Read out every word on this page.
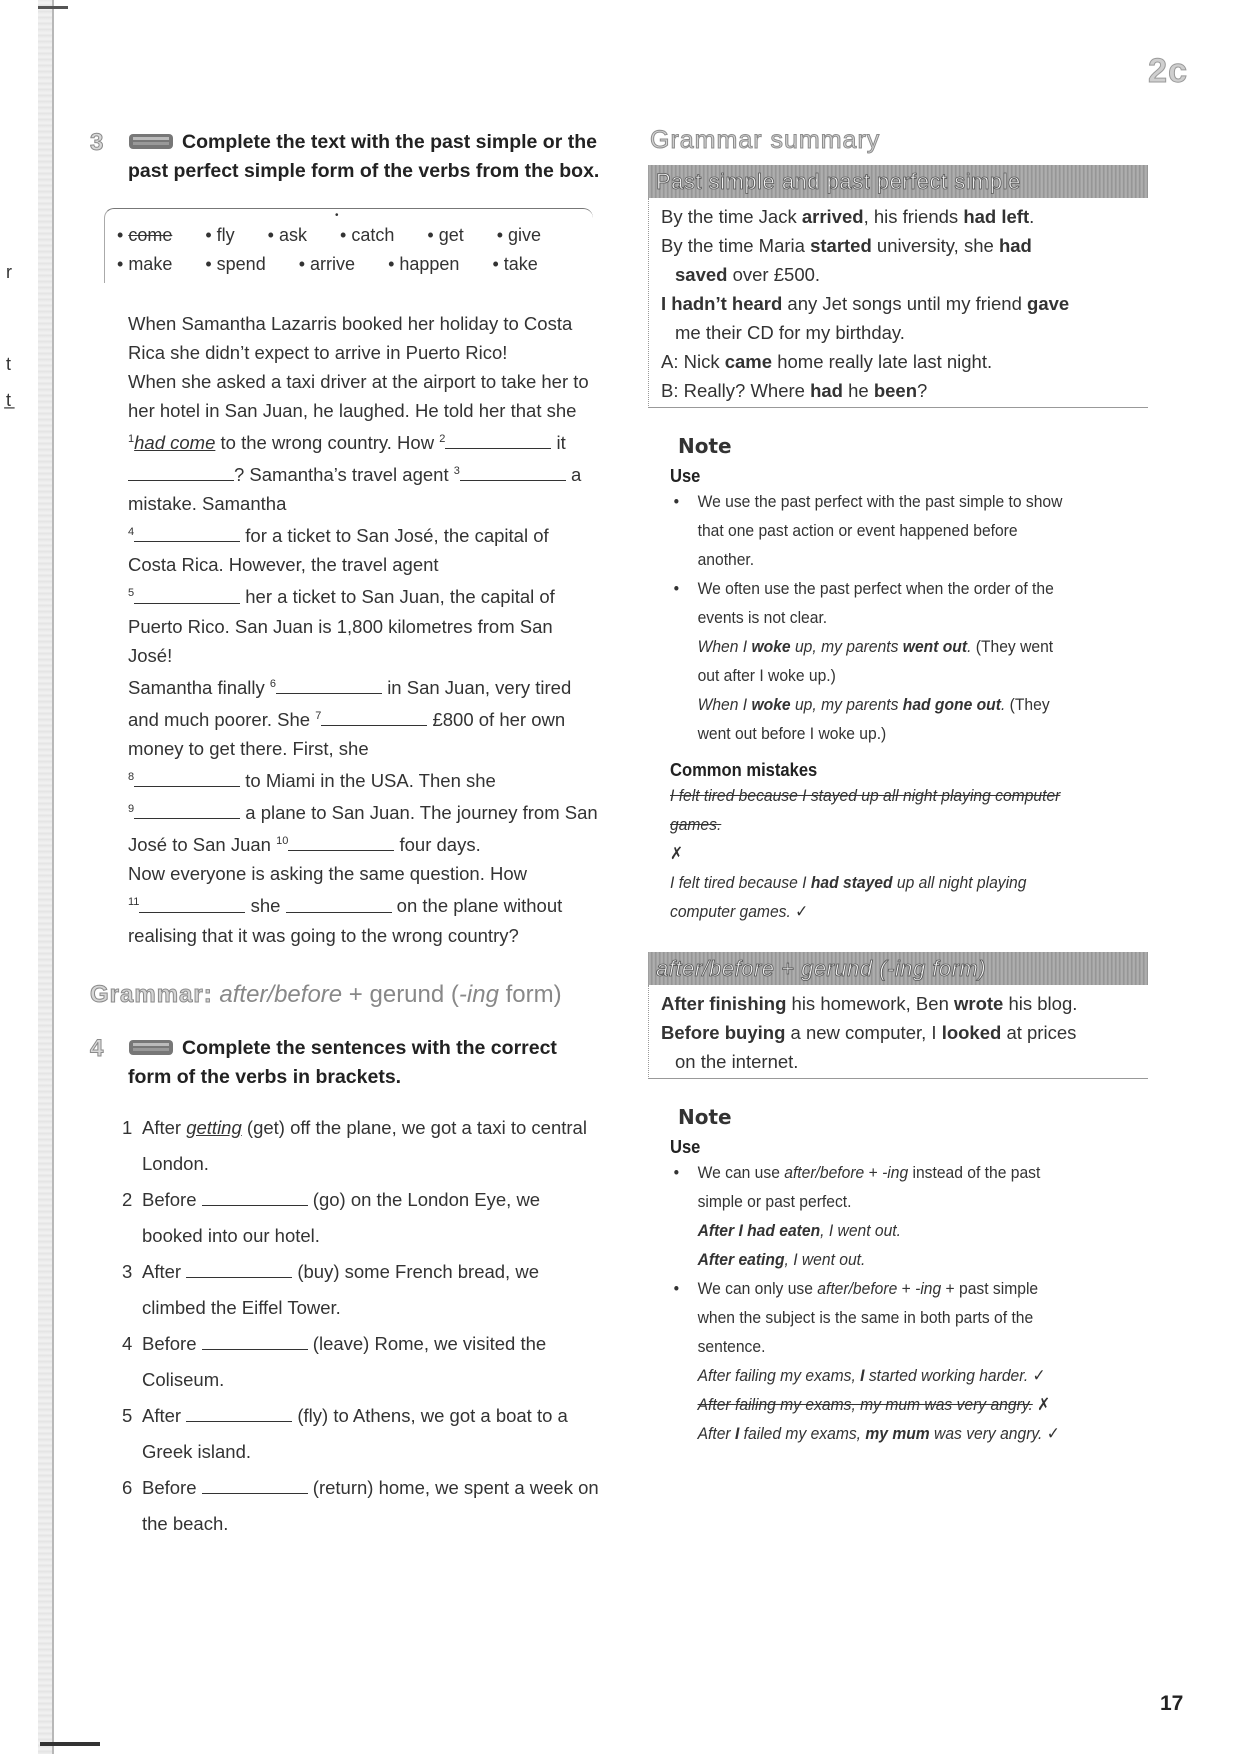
r
t
t̲
2c
17
3	Complete the text with the past simple or the past perfect simple form of the verbs from the box.
•
• come • fly • ask • catch • get • give
• make • spend • arrive • happen • take

When Samantha Lazarris booked her holiday to Costa Rica she didn’t expect to arrive in Puerto Rico!

When she asked a taxi driver at the airport to take her to her hotel in San Juan, he laughed. He told her that she $^1$had come to the wrong country. How $^2$	it ? Samantha’s travel agent $^3$	a mistake. Samantha
$^4$	for a ticket to San José, the capital of Costa Rica. However, the travel agent
$^5$	her a ticket to San Juan, the capital of Puerto Rico. San Juan is 1,800 kilometres from San José!
Samantha finally $^6$	in San Juan, very tired and much poorer. She $^7$	£800 of her own money to get there. First, she
$^8$	to Miami in the USA. Then she
$^9$	a plane to San Juan. The journey from San José to San Juan $^{10}$	four days.
Now everyone is asking the same question. How
$^{11}$	she	on the plane without realising that it was going to the wrong country?

Grammar: after/before + gerund (-ing form)
4	Complete the sentences with the correct form of the verbs in brackets.
1 After getting (get) off the plane, we got a taxi to central London.
2 Before	(go) on the London Eye, we booked into our hotel.
3 After	(buy) some French bread, we climbed the Eiffel Tower.
4 Before	(leave) Rome, we visited the Coliseum.
5 After	(fly) to Athens, we got a boat to a Greek island.
6 Before	(return) home, we spent a week on the beach.
Grammar summary
Past simple and past perfect simple
By the time Jack arrived, his friends had left.
By the time Maria started university, she had
saved over £500.
I hadn’t heard any Jet songs until my friend gave
me their CD for my birthday.
A: Nick came home really late last night.
B: Really? Where had he been?
Note
Use
• We use the past perfect with the past simple to show that one past action or event happened before another.
• We often use the past perfect when the order of the events is not clear.
When I woke up, my parents went out. (They went out after I woke up.)
When I woke up, my parents had gone out. (They went out before I woke up.)
Common mistakes
I felt tired because I stayed up all night playing computer games.
✗
I felt tired because I had stayed up all night playing computer games. ✓
after/before + gerund (-ing form)
After finishing his homework, Ben wrote his blog.
Before buying a new computer, I looked at prices
on the internet.
Note
Use
• We can use after/before + -ing instead of the past simple or past perfect.
After I had eaten, I went out.
After eating, I went out.
• We can only use after/before + -ing + past simple when the subject is the same in both parts of the sentence.
After failing my exams, I started working harder. ✓
After failing my exams, my mum was very angry. ✗
After I failed my exams, my mum was very angry. ✓
